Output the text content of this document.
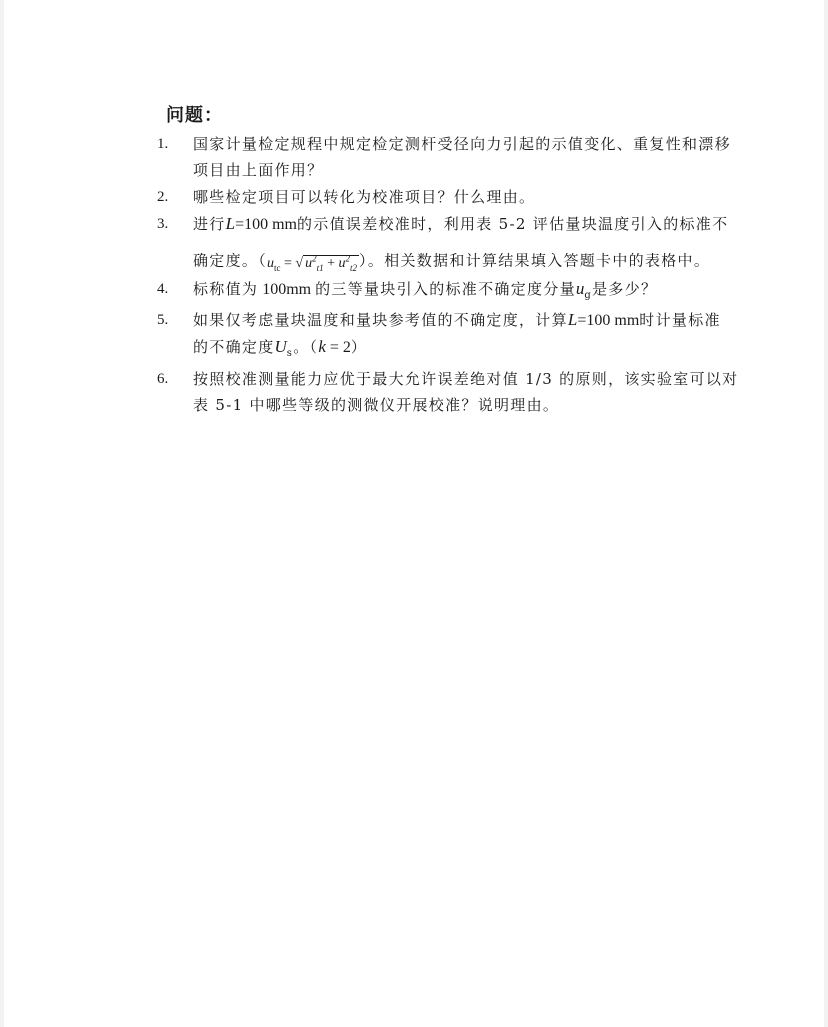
问题：
1.	国家计量检定规程中规定检定测杆受径向力引起的示值变化、重复性和漂移
项目由上面作用？
2.	哪些检定项目可以转化为校准项目？什么理由。
3.	进行L=100 mm的示值误差校准时，利用表 5-2 评估量块温度引入的标准不
确定度。（$u_{tc}$ = √ $u^2_{t1} + u^2_{t2}$ ）。相关数据和计算结果填入答题卡中的表格中。
4.	标称值为 100mm 的三等量块引入的标准不确定度分量$u_g$是多少？
5.	如果仅考虑量块温度和量块参考值的不确定度，计算L=100 mm时计量标准
的不确定度$U_s$。（k = 2）
6.	按照校准测量能力应优于最大允许误差绝对值 1/3 的原则，该实验室可以对
表 5-1 中哪些等级的测微仪开展校准？说明理由。
